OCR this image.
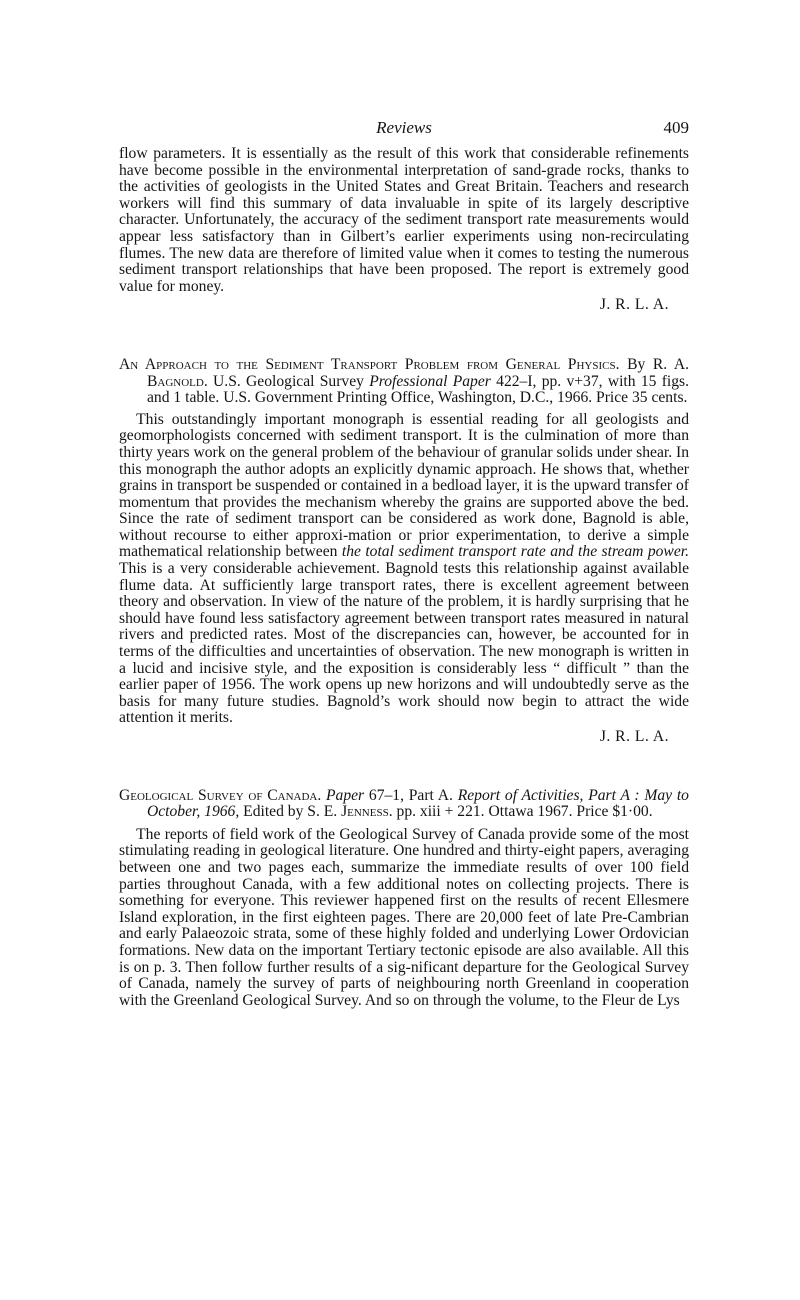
Reviews	409

flow parameters. It is essentially as the result of this work that considerable refinements have become possible in the environmental interpretation of sand-grade rocks, thanks to the activities of geologists in the United States and Great Britain. Teachers and research workers will find this summary of data invaluable in spite of its largely descriptive character. Unfortunately, the accuracy of the sediment transport rate measurements would appear less satisfactory than in Gilbert’s earlier experiments using non-recirculating flumes. The new data are therefore of limited value when it comes to testing the numerous sediment transport relationships that have been proposed. The report is extremely good value for money.

J. R. L. A.

An Approach to the Sediment Transport Problem from General Physics. By R. A. Bagnold. U.S. Geological Survey Professional Paper 422–I, pp. v+37, with 15 figs. and 1 table. U.S. Government Printing Office, Washington, D.C., 1966. Price 35 cents.

This outstandingly important monograph is essential reading for all geologists and geomorphologists concerned with sediment transport. It is the culmination of more than thirty years work on the general problem of the behaviour of granular solids under shear. In this monograph the author adopts an explicitly dynamic approach. He shows that, whether grains in transport be suspended or contained in a bedload layer, it is the upward transfer of momentum that provides the mechanism whereby the grains are supported above the bed. Since the rate of sediment transport can be considered as work done, Bagnold is able, without recourse to either approxi-mation or prior experimentation, to derive a simple mathematical relationship between the total sediment transport rate and the stream power. This is a very considerable achievement. Bagnold tests this relationship against available flume data. At sufficiently large transport rates, there is excellent agreement between theory and observation. In view of the nature of the problem, it is hardly surprising that he should have found less satisfactory agreement between transport rates measured in natural rivers and predicted rates. Most of the discrepancies can, however, be accounted for in terms of the difficulties and uncertainties of observation. The new monograph is written in a lucid and incisive style, and the exposition is considerably less “ difficult ” than the earlier paper of 1956. The work opens up new horizons and will undoubtedly serve as the basis for many future studies. Bagnold’s work should now begin to attract the wide attention it merits.

J. R. L. A.

Geological Survey of Canada. Paper 67–1, Part A. Report of Activities, Part A : May to October, 1966, Edited by S. E. Jenness. pp. xiii + 221. Ottawa 1967. Price $1·00.

The reports of field work of the Geological Survey of Canada provide some of the most stimulating reading in geological literature. One hundred and thirty-eight papers, averaging between one and two pages each, summarize the immediate results of over 100 field parties throughout Canada, with a few additional notes on collecting projects. There is something for everyone. This reviewer happened first on the results of recent Ellesmere Island exploration, in the first eighteen pages. There are 20,000 feet of late Pre-Cambrian and early Palaeozoic strata, some of these highly folded and underlying Lower Ordovician formations. New data on the important Tertiary tectonic episode are also available. All this is on p. 3. Then follow further results of a sig-nificant departure for the Geological Survey of Canada, namely the survey of parts of neighbouring north Greenland in cooperation with the Greenland Geological Survey. And so on through the volume, to the Fleur de Lys
